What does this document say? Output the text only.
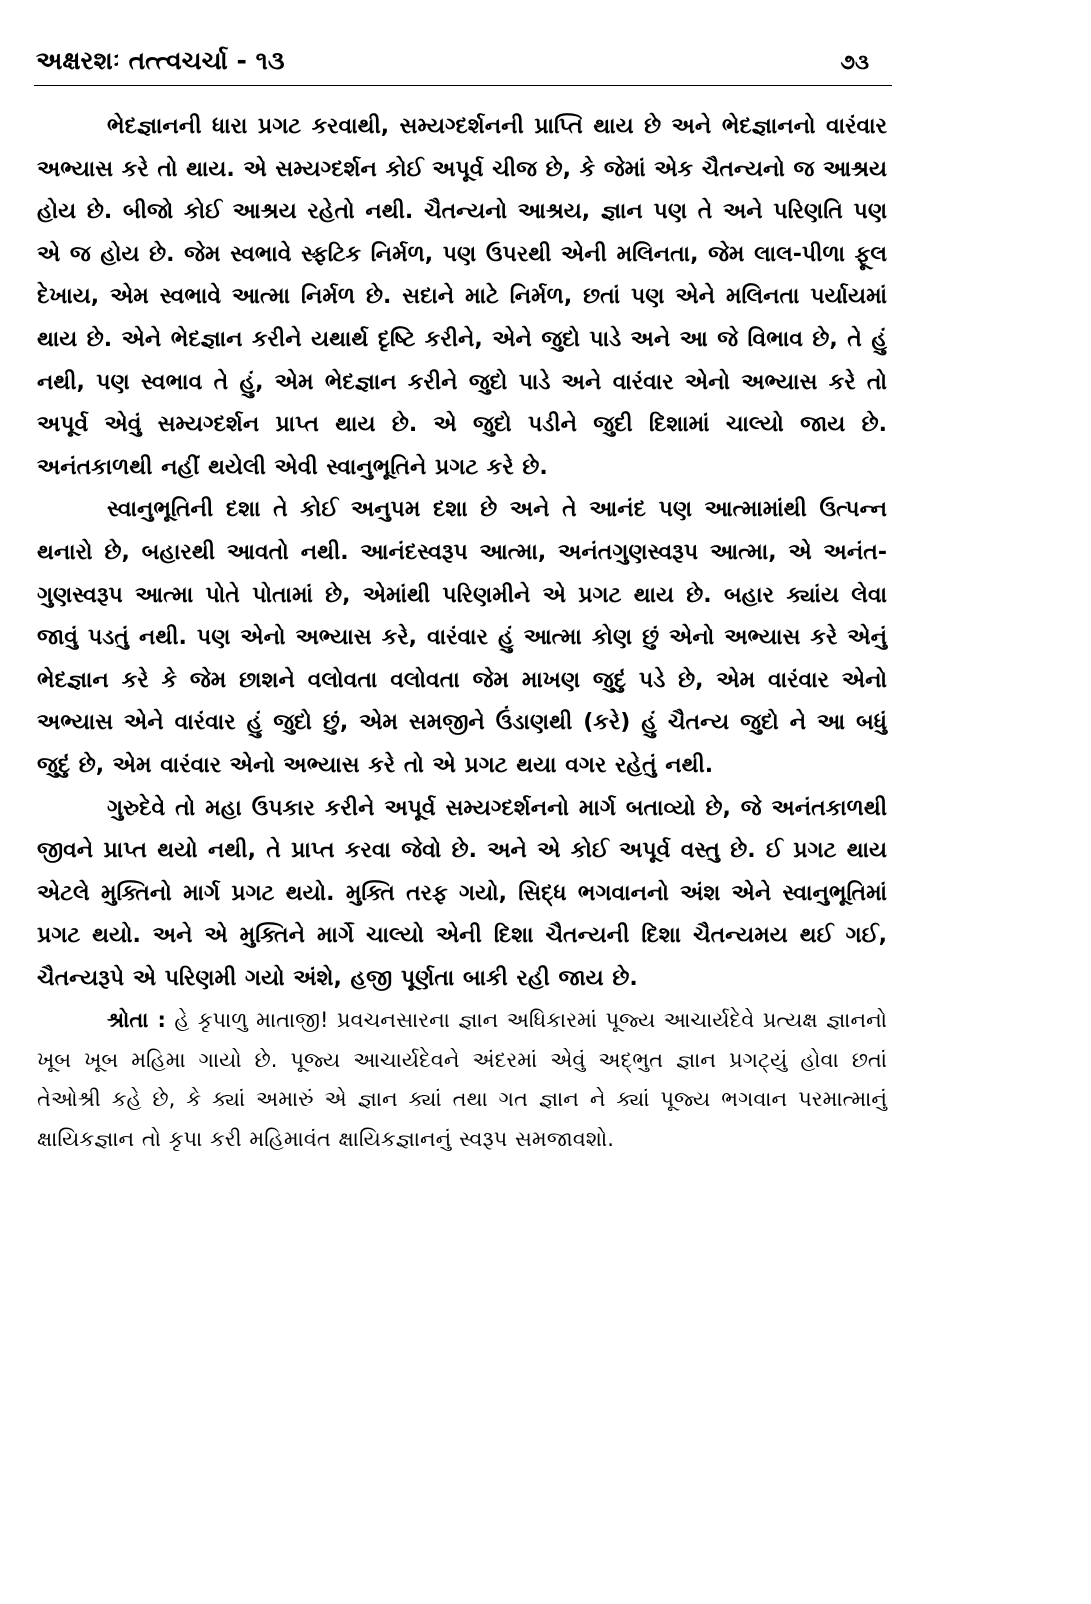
અક્ષરશઃ તત્ત્વચર્ચા - ૧૩	૭૩

ભેદજ્ઞાનની ધારા પ્રગટ કરવાથી, સમ્યગ્દર્શનની પ્રાપ્તિ થાય છે અને ભેદજ્ઞાનનો વારંવાર અભ્યાસ કરે તો થાય. એ સમ્યગ્દર્શન કોઈ અપૂર્વ ચીજ છે, કે જેમાં એક ચૈતન્યનો જ આશ્રય હોય છે. બીજો કોઈ આશ્રય રહેતો નથી. ચૈતન્યનો આશ્રય, જ્ઞાન પણ તે અને પરિણતિ પણ એ જ હોય છે. જેમ સ્વભાવે સ્ફટિક નિર્મળ, પણ ઉપરથી એની મલિનતા, જેમ લાલ-પીળા ફૂલ દેખાય, એમ સ્વભાવે આત્મા નિર્મળ છે. સદાને માટે નિર્મળ, છતાં પણ એને મલિનતા પર્યાયમાં થાય છે. એને ભેદજ્ઞાન કરીને યથાર્થ દૃષ્ટિ કરીને, એને જુદો પાડે અને આ જે વિભાવ છે, તે હું નથી, પણ સ્વભાવ તે હું, એમ ભેદજ્ઞાન કરીને જુદો પાડે અને વારંવાર એનો અભ્યાસ કરે તો અપૂર્વ એવું સમ્યગ્દર્શન પ્રાપ્ત થાય છે. એ જુદો પડીને જુદી દિશામાં ચાલ્યો જાય છે. અનંતકાળથી નહીં થયેલી એવી સ્વાનુભૂતિને પ્રગટ કરે છે.

સ્વાનુભૂતિની દશા તે કોઈ અનુપમ દશા છે અને તે આનંદ પણ આત્મામાંથી ઉત્પન્ન થનારો છે, બહારથી આવતો નથી. આનંદસ્વરૂપ આત્મા, અનંતગુણસ્વરૂપ આત્મા, એ અનંત-ગુણસ્વરૂપ આત્મા પોતે પોતામાં છે, એમાંથી પરિણમીને એ પ્રગટ થાય છે. બહાર ક્યાંય લેવા જાવું પડતું નથી. પણ એનો અભ્યાસ કરે, વારંવાર હું આત્મા કોણ છું એનો અભ્યાસ કરે એનું ભેદજ્ઞાન કરે કે જેમ છાશને વલોવતા વલોવતા જેમ માખણ જુદું પડે છે, એમ વારંવાર એનો અભ્યાસ એને વારંવાર હું જુદો છું, એમ સમજીને ઉંડાણથી (કરે) હું ચૈતન્ય જુદો ને આ બધું જુદું છે, એમ વારંવાર એનો અભ્યાસ કરે તો એ પ્રગટ થયા વગર રહેતું નથી.

ગુરુદેવે તો મહા ઉપકાર કરીને અપૂર્વ સમ્યગ્દર્શનનો માર્ગ બતાવ્યો છે, જે અનંતકાળથી જીવને પ્રાપ્ત થયો નથી, તે પ્રાપ્ત કરવા જેવો છે. અને એ કોઈ અપૂર્વ વસ્તુ છે. ઈ પ્રગટ થાય એટલે મુક્તિનો માર્ગ પ્રગટ થયો. મુક્તિ તરફ ગયો, સિદ્ધ ભગવાનનો અંશ એને સ્વાનુભૂતિમાં પ્રગટ થયો. અને એ મુક્તિને માર્ગે ચાલ્યો એની દિશા ચૈતન્યની દિશા ચૈતન્યમય થઈ ગઈ, ચૈતન્યરૂપે એ પરિણમી ગયો અંશે, હજી પૂર્ણતા બાકી રહી જાય છે.

શ્રોતા : હે કૃપાળુ માતાજી! પ્રવચનસારના જ્ઞાન અધિકારમાં પૂજ્ય આચાર્યદેવે પ્રત્યક્ષ જ્ઞાનનો ખૂબ ખૂબ મહિમા ગાયો છે. પૂજ્ય આચાર્યદેવને અંદરમાં એવું અદ્ભુત જ્ઞાન પ્રગટ્યું હોવા છતાં તેઓશ્રી કહે છે, કે ક્યાં અમારું એ જ્ઞાન ક્યાં તથા ગત જ્ઞાન ને ક્યાં પૂજ્ય ભગવાન પરમાત્માનું ક્ષાયિકજ્ઞાન તો કૃપા કરી મહિમાવંત ક્ષાયિકજ્ઞાનનું સ્વરૂપ સમજાવશો.
